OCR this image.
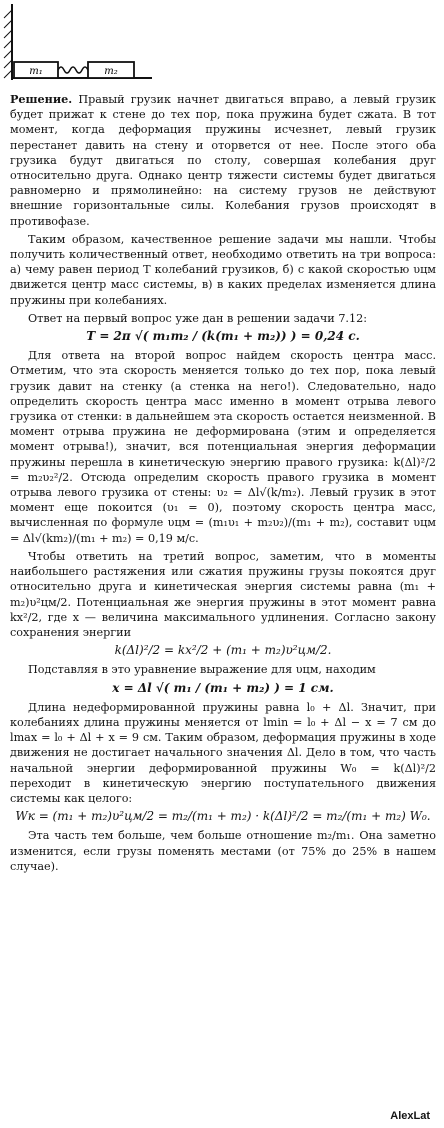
m₁	m₂

Решение. Правый грузик начнет двигаться вправо, а левый грузик будет прижат к стене до тех пор, пока пружина будет сжата. В тот момент, когда деформация пружины исчезнет, левый грузик перестанет давить на стену и оторвется от нее. После этого оба грузика будут двигаться по столу, совершая колебания друг относительно друга. Однако центр тяжести системы будет двигаться равномерно и прямолинейно: на систему грузов не действуют внешние горизонтальные силы. Колебания грузов происходят в противофазе.

Таким образом, качественное решение задачи мы нашли. Чтобы получить количественный ответ, необходимо ответить на три вопроса: а) чему равен период T колебаний грузиков, б) с какой скоростью υцм движется центр масс системы, в) в каких пределах изменяется длина пружины при колебаниях.

Ответ на первый вопрос уже дан в решении задачи 7.12:

T = 2π √( m₁m₂ / (k(m₁ + m₂)) ) = 0,24 с.

Для ответа на второй вопрос найдем скорость центра масс. Отметим, что эта скорость меняется только до тех пор, пока левый грузик давит на стенку (а стенка на него!). Следовательно, надо определить скорость центра масс именно в момент отрыва левого грузика от стенки: в дальнейшем эта скорость остается неизменной. В момент отрыва пружина не деформирована (этим и определяется момент отрыва!), значит, вся потенциальная энергия деформации пружины перешла в кинетическую энергию правого грузика: k(Δl)²/2 = m₂υ₂²/2. Отсюда определим скорость правого грузика в момент отрыва левого грузика от стены: υ₂ = Δl√(k/m₂). Левый грузик в этот момент еще покоится (υ₁ = 0), поэтому скорость центра масс, вычисленная по формуле υцм = (m₁υ₁ + m₂υ₂)/(m₁ + m₂), составит υцм = Δl√(km₂)/(m₁ + m₂) = 0,19 м/с.

Чтобы ответить на третий вопрос, заметим, что в моменты наибольшего растяжения или сжатия пружины грузы покоятся друг относительно друга и кинетическая энергия системы равна (m₁ + m₂)υ²цм/2. Потенциальная же энергия пружины в этот момент равна kx²/2, где x — величина максимального удлинения. Согласно закону сохранения энергии

k(Δl)²/2 = kx²/2 + (m₁ + m₂)υ²цм/2.

Подставляя в это уравнение выражение для υцм, находим

x = Δl √( m₁ / (m₁ + m₂) ) = 1 см.

Длина недеформированной пружины равна l₀ + Δl. Значит, при колебаниях длина пружины меняется от lmin = l₀ + Δl − x = 7 см до lmax = l₀ + Δl + x = 9 см. Таким образом, деформация пружины в ходе движения не достигает начального значения Δl. Дело в том, что часть начальной энергии деформированной пружины W₀ = k(Δl)²/2 переходит в кинетическую энергию поступательного движения системы как целого:

Wк = (m₁ + m₂)υ²цм/2 = m₂/(m₁ + m₂) · k(Δl)²/2 = m₂/(m₁ + m₂) W₀.

Эта часть тем больше, чем больше отношение m₂/m₁. Она заметно изменится, если грузы поменять местами (от 75% до 25% в нашем случае).

AlexLat
